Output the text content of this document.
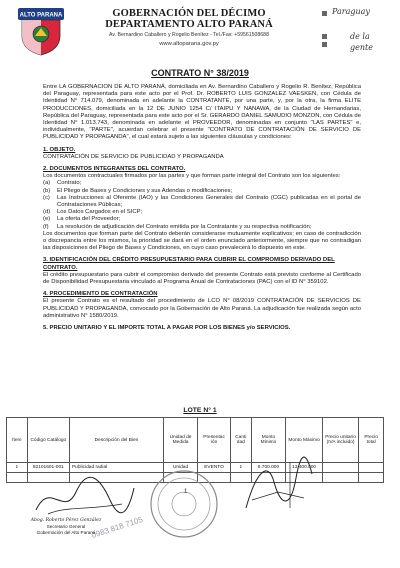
ALTO PARANA	GOBERNACIÓN DEL DÉCIMO DEPARTAMENTO ALTO PARANÁ
Av. Bernardino Caballero y Rogelio Benítez - Tel./Fax: +59561508688
www.altoparana.gov.py
Paraguay
de la gente
CONTRATO N° 38/2019

Entre LA GOBERNACION DE ALTO PARANÁ, domiciliada en Av. Bernardino Caballero y Rogelio R. Benítez, República del Paraguay, representada para este acto por el Prof. Dr. ROBERTO LUIS GONZALEZ VAESKEN, con Cédula de Identidad N° 714.079, denominada en adelante la CONTRATANTE, por una parte, y, por la otra, la firma ELITE PRODUCCIONES, domiciliada en la 12 DE JUNIO 1254 C/ ITAIPU Y NANAWA, de la Ciudad de Hernandarias, República del Paraguay, representada para este acto por el Sr. GERARDO DANIEL SAMUDIO MONZON, con Cédula de Identidad N° 1.013.743, denominada en adelante el PROVEEDOR, denominadas en conjunto "LAS PARTES" e, individualmente, "PARTE", acuerdan celebrar el presente "CONTRATO DE CONTRATACIÓN DE SERVICIO DE PUBLICIDAD Y PROPAGANDA", el cual estará sujeto a las siguientes cláusulas y condiciones:

1. OBJETO.

CONTRATACIÓN DE SERVICIO DE PUBLICIDAD Y PROPAGANDA

2. DOCUMENTOS INTEGRANTES DEL CONTRATO.

Los documentos contractuales firmados por las partes y que forman parte integral del Contrato son los siguientes:

(a)	Contrato;
(b)	El Pliego de Bases y Condiciones y sus Adendas o modificaciones;
(c)	Las Instrucciones al Oferente (IAO) y las Condiciones Generales del Contrato (CGC) publicadas en el portal de Contrataciones Públicas;
(d)	Los Datos Cargados en el SICP;
(e)	La oferta del Proveedor;
(f)	La resolución de adjudicación del Contrato emitida por la Contratante y su respectiva notificación;

Los documentos que forman parte del Contrato deberán considerarse mutuamente explicativos; en caso de contradicción o discrepancia entre los mismos, la prioridad se dará en el orden enunciado anteriormente, siempre que no contradigan las disposiciones del Pliego de Bases y Condiciones, en cuyo caso prevalecerá lo dispuesto en este.

3. IDENTIFICACIÓN DEL CRÉDITO PRESUPUESTARIO PARA CUBRIR EL COMPROMISO DERIVADO DEL CONTRATO.

El crédito presupuestario para cubrir el compromiso derivado del presente Contrato está previsto conforme al Certificado de Disponibilidad Presupuestaria vinculado al Programa Anual de Contrataciones (PAC) con el ID N° 359102.

4. PROCEDIMIENTO DE CONTRATACIÓN

El presente Contrato es el resultado del procedimiento de LCO N° 08/2019 CONTRATACIÓN DE SERVICIOS DE PUBLICIDAD Y PROPAGANDA, convocado por la Gobernación de Alto Paraná. La adjudicación fue realizada según acto administrativo N° 1580/2019.

5. PRECIO UNITARIO Y EL IMPORTE TOTAL A PAGAR POR LOS BIENES y/o SERVICIOS.
LOTE N° 1
Ítem	Código Catálogo	Descripción del Bien	Unidad de Medida	Presentac ión	Canti dad	Monto Mínimo	Monto Máximo	Precio unitario (IVA incluido)	Precio total
1	82101601-001	Publicidad radial	Unidad	EVENTO	1	6.700.000	13.400.000		

1
0983 818 7105
Abog. Roberto Pérez González
Secretario General
Gobernación del Alto Paraná
